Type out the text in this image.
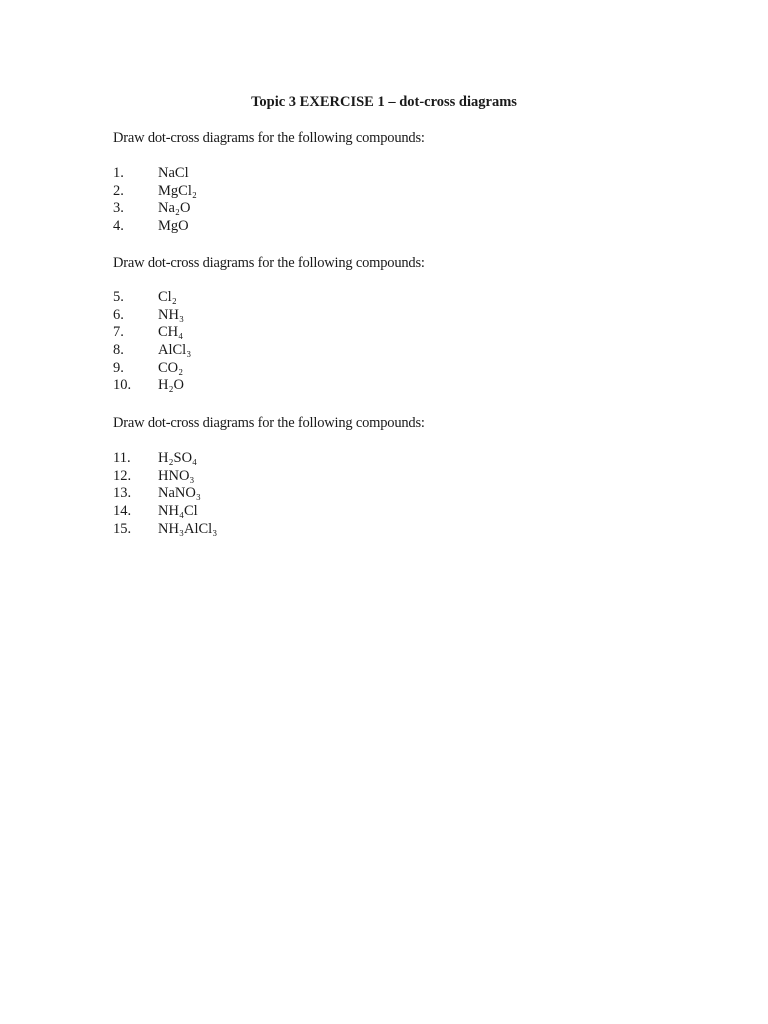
Topic 3 EXERCISE 1 – dot-cross diagrams
Draw dot-cross diagrams for the following compounds:
1. NaCl
2. MgCl₂
3. Na₂O
4. MgO
Draw dot-cross diagrams for the following compounds:
5. Cl₂
6. NH₃
7. CH₄
8. AlCl₃
9. CO₂
10. H₂O
Draw dot-cross diagrams for the following compounds:
11. H₂SO₄
12. HNO₃
13. NaNO₃
14. NH₄Cl
15. NH₃AlCl₃
